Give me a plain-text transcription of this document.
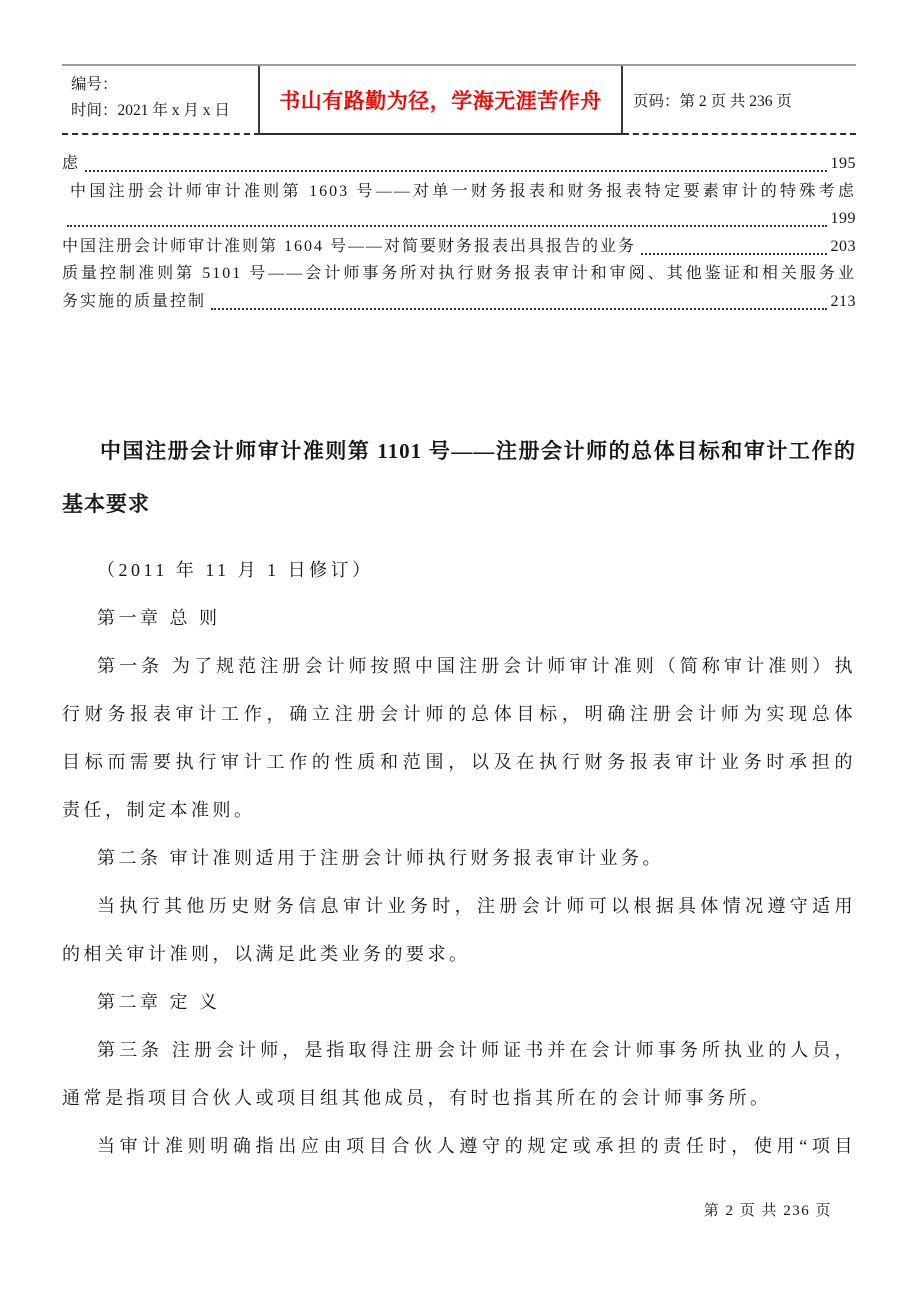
编号：
时间：2021 年 x 月 x 日	书山有路勤为径，学海无涯苦作舟 页码：第 2 页 共 236 页
虑	195
中国注册会计师审计准则第 1603 号——对单一财务报表和财务报表特定要素审计的特殊考虑
199
中国注册会计师审计准则第 1604 号——对简要财务报表出具报告的业务	203
质量控制准则第 5101 号——会计师事务所对执行财务报表审计和审阅、其他鉴证和相关服务业
务实施的质量控制	213
中国注册会计师审计准则第 1101 号——注册会计师的总体目标和审计工作的
基本要求
（2011 年 11 月 1 日修订）
第一章 总 则
第一条 为了规范注册会计师按照中国注册会计师审计准则（简称审计准则）执
行财务报表审计工作，确立注册会计师的总体目标，明确注册会计师为实现总体
目标而需要执行审计工作的性质和范围，以及在执行财务报表审计业务时承担的
责任，制定本准则。
第二条 审计准则适用于注册会计师执行财务报表审计业务。
当执行其他历史财务信息审计业务时，注册会计师可以根据具体情况遵守适用
的相关审计准则，以满足此类业务的要求。
第二章 定 义
第三条 注册会计师，是指取得注册会计师证书并在会计师事务所执业的人员，
通常是指项目合伙人或项目组其他成员，有时也指其所在的会计师事务所。
当审计准则明确指出应由项目合伙人遵守的规定或承担的责任时，使用“项目
第 2 页 共 236 页
